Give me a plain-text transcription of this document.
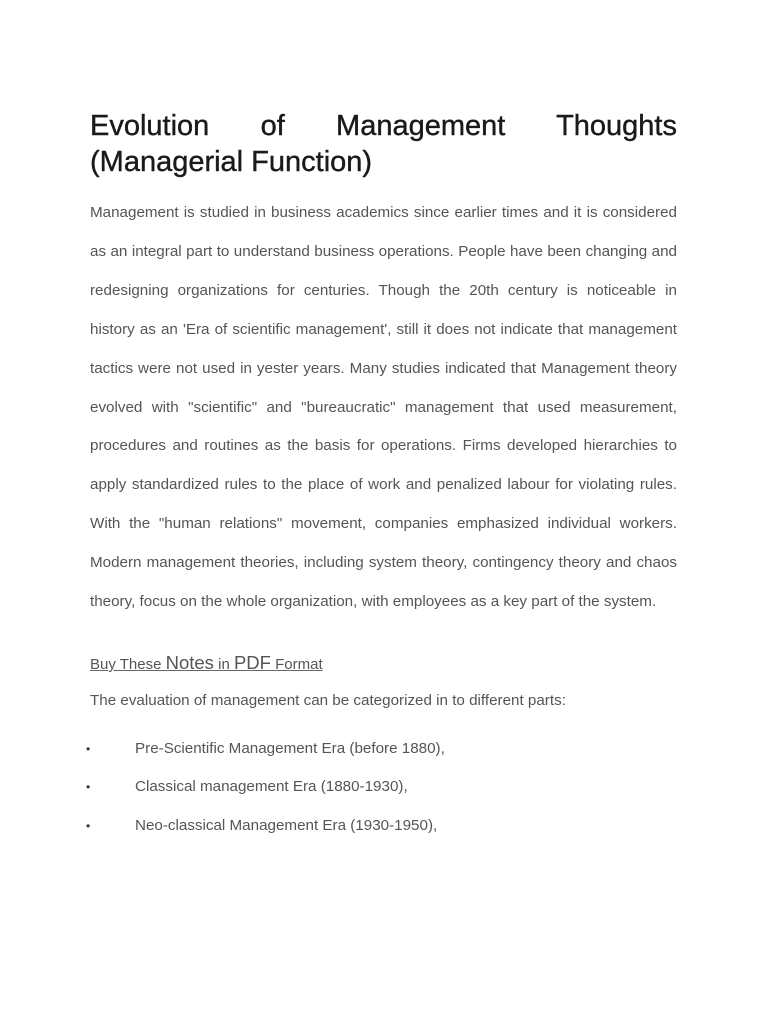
Evolution of Management Thoughts (Managerial Function)

Management is studied in business academics since earlier times and it is considered as an integral part to understand business operations. People have been changing and redesigning organizations for centuries. Though the 20th century is noticeable in history as an 'Era of scientific management', still it does not indicate that management tactics were not used in yester years. Many studies indicated that Management theory evolved with "scientific" and "bureaucratic" management that used measurement, procedures and routines as the basis for operations. Firms developed hierarchies to apply standardized rules to the place of work and penalized labour for violating rules. With the "human relations" movement, companies emphasized individual workers. Modern management theories, including system theory, contingency theory and chaos theory, focus on the whole organization, with employees as a key part of the system.

Buy These Notes in PDF Format

The evaluation of management can be categorized in to different parts:

•	Pre-Scientific Management Era (before 1880),
•	Classical management Era (1880-1930),
•	Neo-classical Management Era (1930-1950),
